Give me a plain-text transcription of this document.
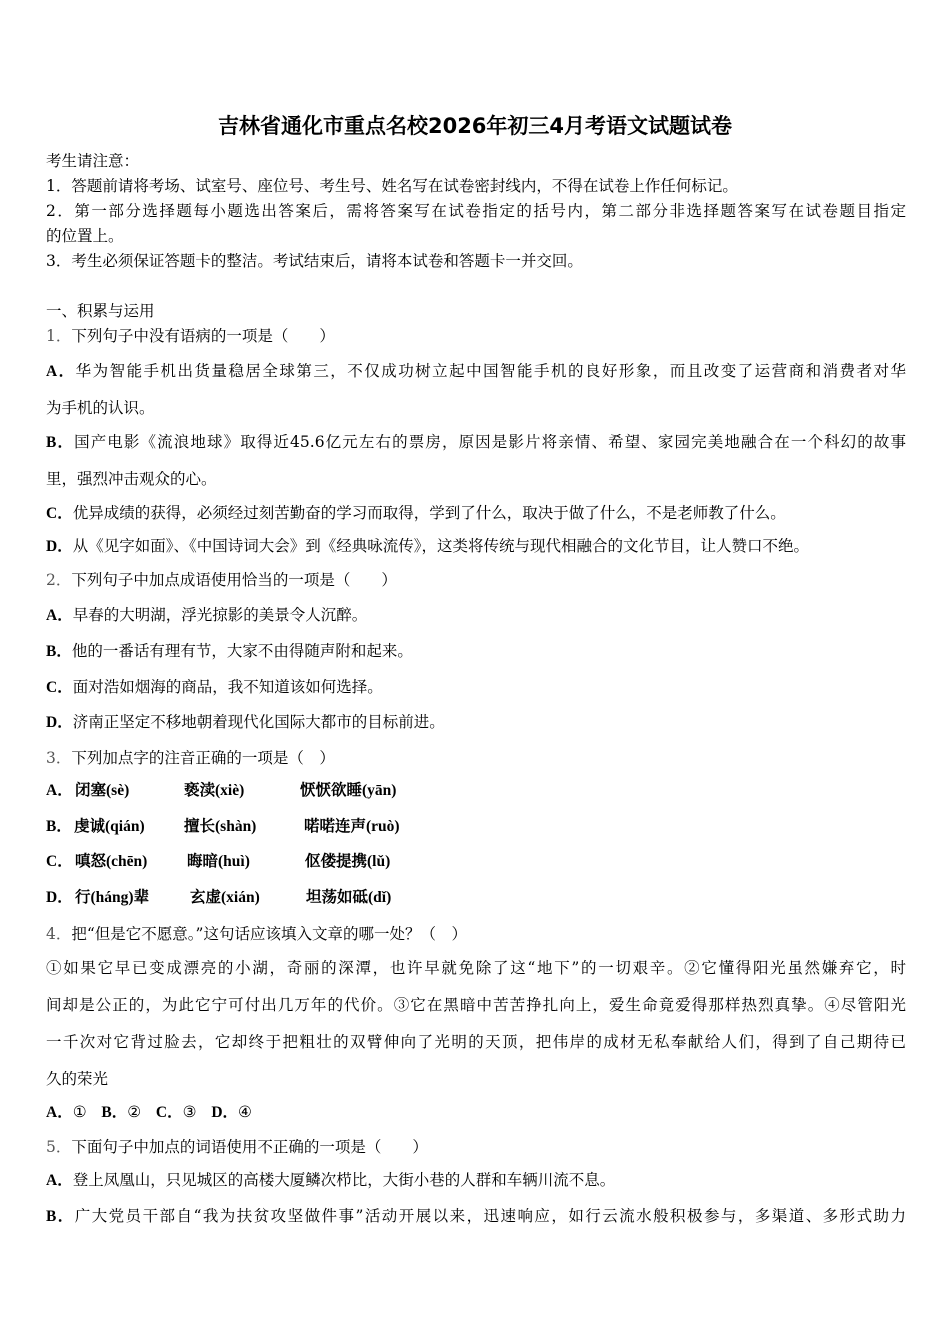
吉林省通化市重点名校2026年初三4月考语文试题试卷
考生请注意：
1．答题前请将考场、试室号、座位号、考生号、姓名写在试卷密封线内，不得在试卷上作任何标记。
2．第一部分选择题每小题选出答案后，需将答案写在试卷指定的括号内，第二部分非选择题答案写在试卷题目指定
的位置上。
3．考生必须保证答题卡的整洁。考试结束后，请将本试卷和答题卡一并交回。
一、积累与运用
1．下列句子中没有语病的一项是（　　）
A．华为智能手机出货量稳居全球第三，不仅成功树立起中国智能手机的良好形象，而且改变了运营商和消费者对华
为手机的认识。
B．国产电影《流浪地球》取得近45.6亿元左右的票房，原因是影片将亲情、希望、家园完美地融合在一个科幻的故事
里，强烈冲击观众的心。
C．优异成绩的获得，必须经过刻苦勤奋的学习而取得，学到了什么，取决于做了什么，不是老师教了什么。
D．从《见字如面》、《中国诗词大会》到《经典咏流传》，这类将传统与现代相融合的文化节目，让人赞口不绝。
2．下列句子中加点成语使用恰当的一项是（　　）
A．早春的大明湖，浮光掠影的美景令人沉醉。
B．他的一番话有理有节，大家不由得随声附和起来。
C．面对浩如烟海的商品，我不知道该如何选择。
D．济南正坚定不移地朝着现代化国际大都市的目标前进。
3．下列加点字的注音正确的一项是（　）
A． 闭塞(sè)	亵渎(xiè)	恹恹欲睡(yān)
B． 虔诚(qián)	擅长(shàn)	喏喏连声(ruò)
C． 嗔怒(chēn)	晦暗(huì)	伛偻提携(lǔ)
D． 行(háng)辈	玄虚(xián)	坦荡如砥(dǐ)
4．把“但是它不愿意。”这句话应该填入文章的哪一处？（　）
①如果它早已变成漂亮的小湖，奇丽的深潭，也许早就免除了这“地下”的一切艰辛。②它懂得阳光虽然嫌弃它，时
间却是公正的，为此它宁可付出几万年的代价。③它在黑暗中苦苦挣扎向上，爱生命竟爱得那样热烈真挚。④尽管阳光
一千次对它背过脸去，它却终于把粗壮的双臂伸向了光明的天顶，把伟岸的成材无私奉献给人们，得到了自己期待已
久的荣光
A．① B．② C．③ D．④
5．下面句子中加点的词语使用不正确的一项是（　　）
A．登上凤凰山，只见城区的高楼大厦鳞次栉比，大街小巷的人群和车辆川流不息。
B．广大党员干部自“我为扶贫攻坚做件事”活动开展以来，迅速响应，如行云流水般积极参与，多渠道、多形式助力
